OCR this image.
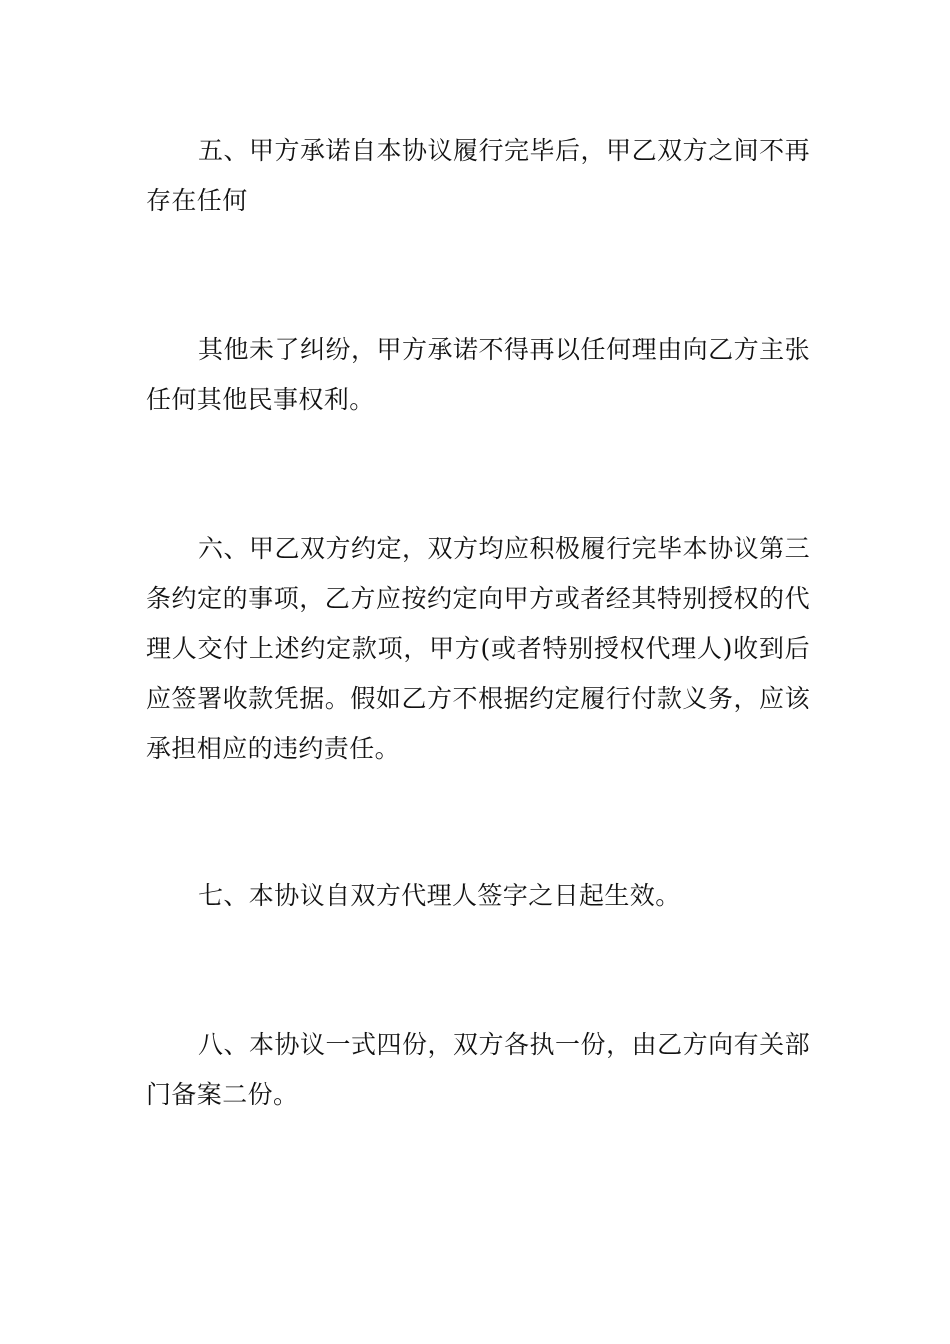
五、甲方承诺自本协议履行完毕后，甲乙双方之间不再存在任何

其他未了纠纷，甲方承诺不得再以任何理由向乙方主张任何其他民事权利。

六、甲乙双方约定，双方均应积极履行完毕本协议第三条约定的事项，乙方应按约定向甲方或者经其特别授权的代理人交付上述约定款项，甲方(或者特别授权代理人)收到后应签署收款凭据。假如乙方不根据约定履行付款义务，应该承担相应的违约责任。

七、本协议自双方代理人签字之日起生效。

八、本协议一式四份，双方各执一份，由乙方向有关部门备案二份。
